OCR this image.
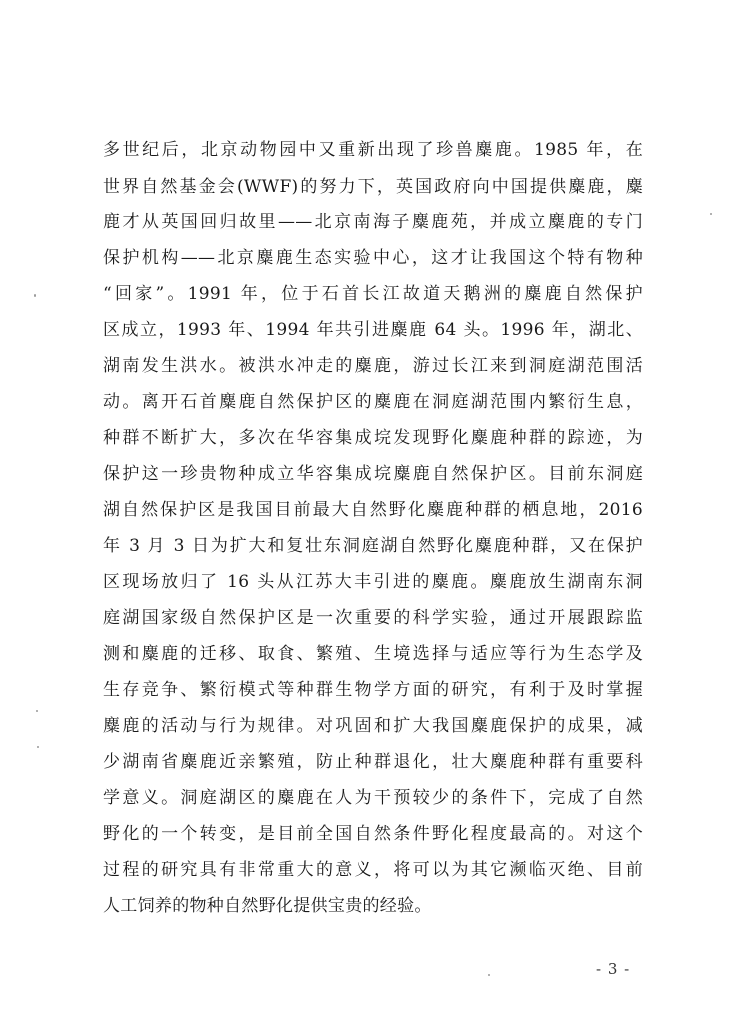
多世纪后，北京动物园中又重新出现了珍兽麋鹿。1985 年，在
世界自然基金会(WWF)的努力下，英国政府向中国提供麋鹿，麋
鹿才从英国回归故里——北京南海子麋鹿苑，并成立麋鹿的专门
保护机构——北京麋鹿生态实验中心，这才让我国这个特有物种
“回家”。1991 年，位于石首长江故道天鹅洲的麋鹿自然保护
区成立，1993 年、1994 年共引进麋鹿 64 头。1996 年，湖北、
湖南发生洪水。被洪水冲走的麋鹿，游过长江来到洞庭湖范围活
动。离开石首麋鹿自然保护区的麋鹿在洞庭湖范围内繁衍生息，
种群不断扩大，多次在华容集成垸发现野化麋鹿种群的踪迹，为
保护这一珍贵物种成立华容集成垸麋鹿自然保护区。目前东洞庭
湖自然保护区是我国目前最大自然野化麋鹿种群的栖息地，2016
年 3 月 3 日为扩大和复壮东洞庭湖自然野化麋鹿种群，又在保护
区现场放归了 16 头从江苏大丰引进的麋鹿。麋鹿放生湖南东洞
庭湖国家级自然保护区是一次重要的科学实验，通过开展跟踪监
测和麋鹿的迁移、取食、繁殖、生境选择与适应等行为生态学及
生存竞争、繁衍模式等种群生物学方面的研究，有利于及时掌握
麋鹿的活动与行为规律。对巩固和扩大我国麋鹿保护的成果，减
少湖南省麋鹿近亲繁殖，防止种群退化，壮大麋鹿种群有重要科
学意义。洞庭湖区的麋鹿在人为干预较少的条件下，完成了自然
野化的一个转变，是目前全国自然条件野化程度最高的。对这个
过程的研究具有非常重大的意义，将可以为其它濒临灭绝、目前
人工饲养的物种自然野化提供宝贵的经验。
- 3 -
